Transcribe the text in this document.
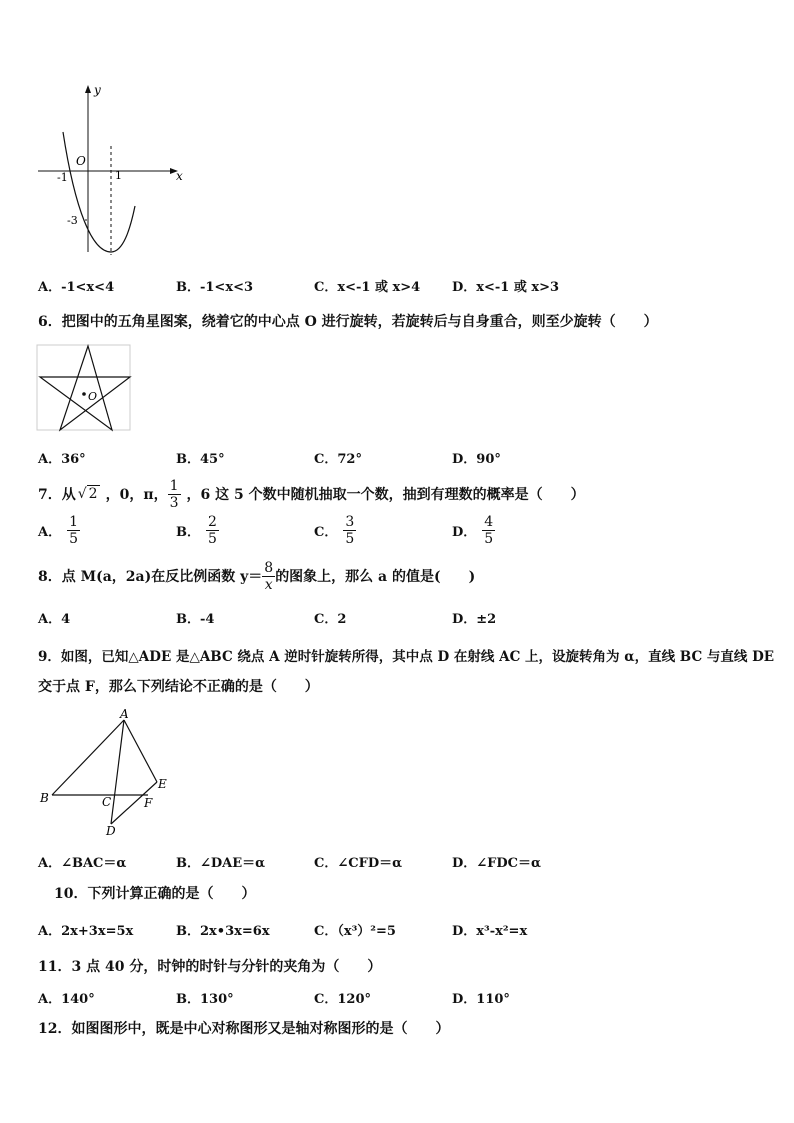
y
x
O
-1	1
-3
A．-1<x<4	B．-1<x<3	C．x<-1 或 x>4 D．x<-1 或 x>3
6．把图中的五角星图案，绕着它的中心点 O 进行旋转，若旋转后与自身重合，则至少旋转（　　）
O
A．36°	B．45°	C．72°	D．90°
7．从 √ 2 ，0，π， $\frac{1}{3}$ ，6 这 5 个数中随机抽取一个数，抽到有理数的概率是（　　）
A． $\frac{1}{5}$	B． $\frac{2}{5}$	C． $\frac{3}{5}$	D． $\frac{4}{5}$
8．点 M(a，2a)在反比例函数 $y= \frac{8}{x}$ 的图象上，那么 a 的值是(　　)
A．4	B．-4	C．2	D．±2
9．如图，已知△ADE 是△ABC 绕点 A 逆时针旋转所得，其中点 D 在射线 AC 上，设旋转角为 α，直线 BC 与直线 DE
交于点 F，那么下列结论不正确的是（　　）
A
B	C
D
E
F
A．∠BAC＝α	B．∠DAE＝α	C．∠CFD＝α	D．∠FDC＝α
10．下列计算正确的是（　　）
A．2x+3x=5x	B．2x•3x=6x	C．（x³）²=5	D．x³-x²=x
11．3 点 40 分，时钟的时针与分针的夹角为（　　）
A．140°	B．130°	C．120°	D．110°
12．如图图形中，既是中心对称图形又是轴对称图形的是（　　）
